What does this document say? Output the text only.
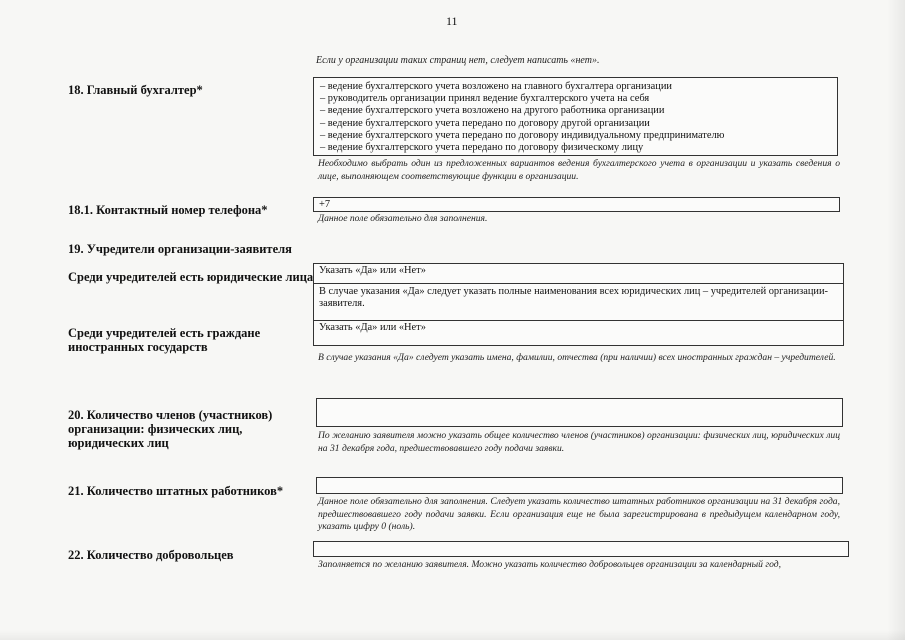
11
Если у организации таких страниц нет, следует написать «нет».
18. Главный бухгалтер*	– ведение бухгалтерского учета возложено на главного бухгалтера организации
– руководитель организации принял ведение бухгалтерского учета на себя
– ведение бухгалтерского учета возложено на другого работника организации
– ведение бухгалтерского учета передано по договору другой организации
– ведение бухгалтерского учета передано по договору индивидуальному предпринимателю
– ведение бухгалтерского учета передано по договору физическому лицу
Необходимо выбрать один из предложенных вариантов ведения бухгалтерского учета в организации и указать сведения о лице, выполняющем соответствующие функции в организации.
18.1. Контактный номер телефона*	+7
Данное поле обязательно для заполнения.
19. Учредители организации-заявителя
Среди учредителей есть юридические лица Указать «Да» или «Нет»
В случае указания «Да» следует указать полные наименования всех юридических лиц – учредителей организации-заявителя.
Среди учредителей есть граждане
иностранных государств
Указать «Да» или «Нет»
В случае указания «Да» следует указать имена, фамилии, отчества (при наличии) всех иностранных граждан – учредителей.
20. Количество членов (участников)
организации: физических лиц,
юридических лиц
По желанию заявителя можно указать общее количество членов (участников) организации: физических лиц, юридических лиц на 31 декабря года, предшествовавшего году подачи заявки.
21. Количество штатных работников*
Данное поле обязательно для заполнения. Следует указать количество штатных работников организации на 31 декабря года, предшествовавшего году подачи заявки. Если организация еще не была зарегистрирована в предыдущем календарном году, указать цифру 0 (ноль).
22. Количество добровольцев
Заполняется по желанию заявителя. Можно указать количество добровольцев организации за календарный год,
